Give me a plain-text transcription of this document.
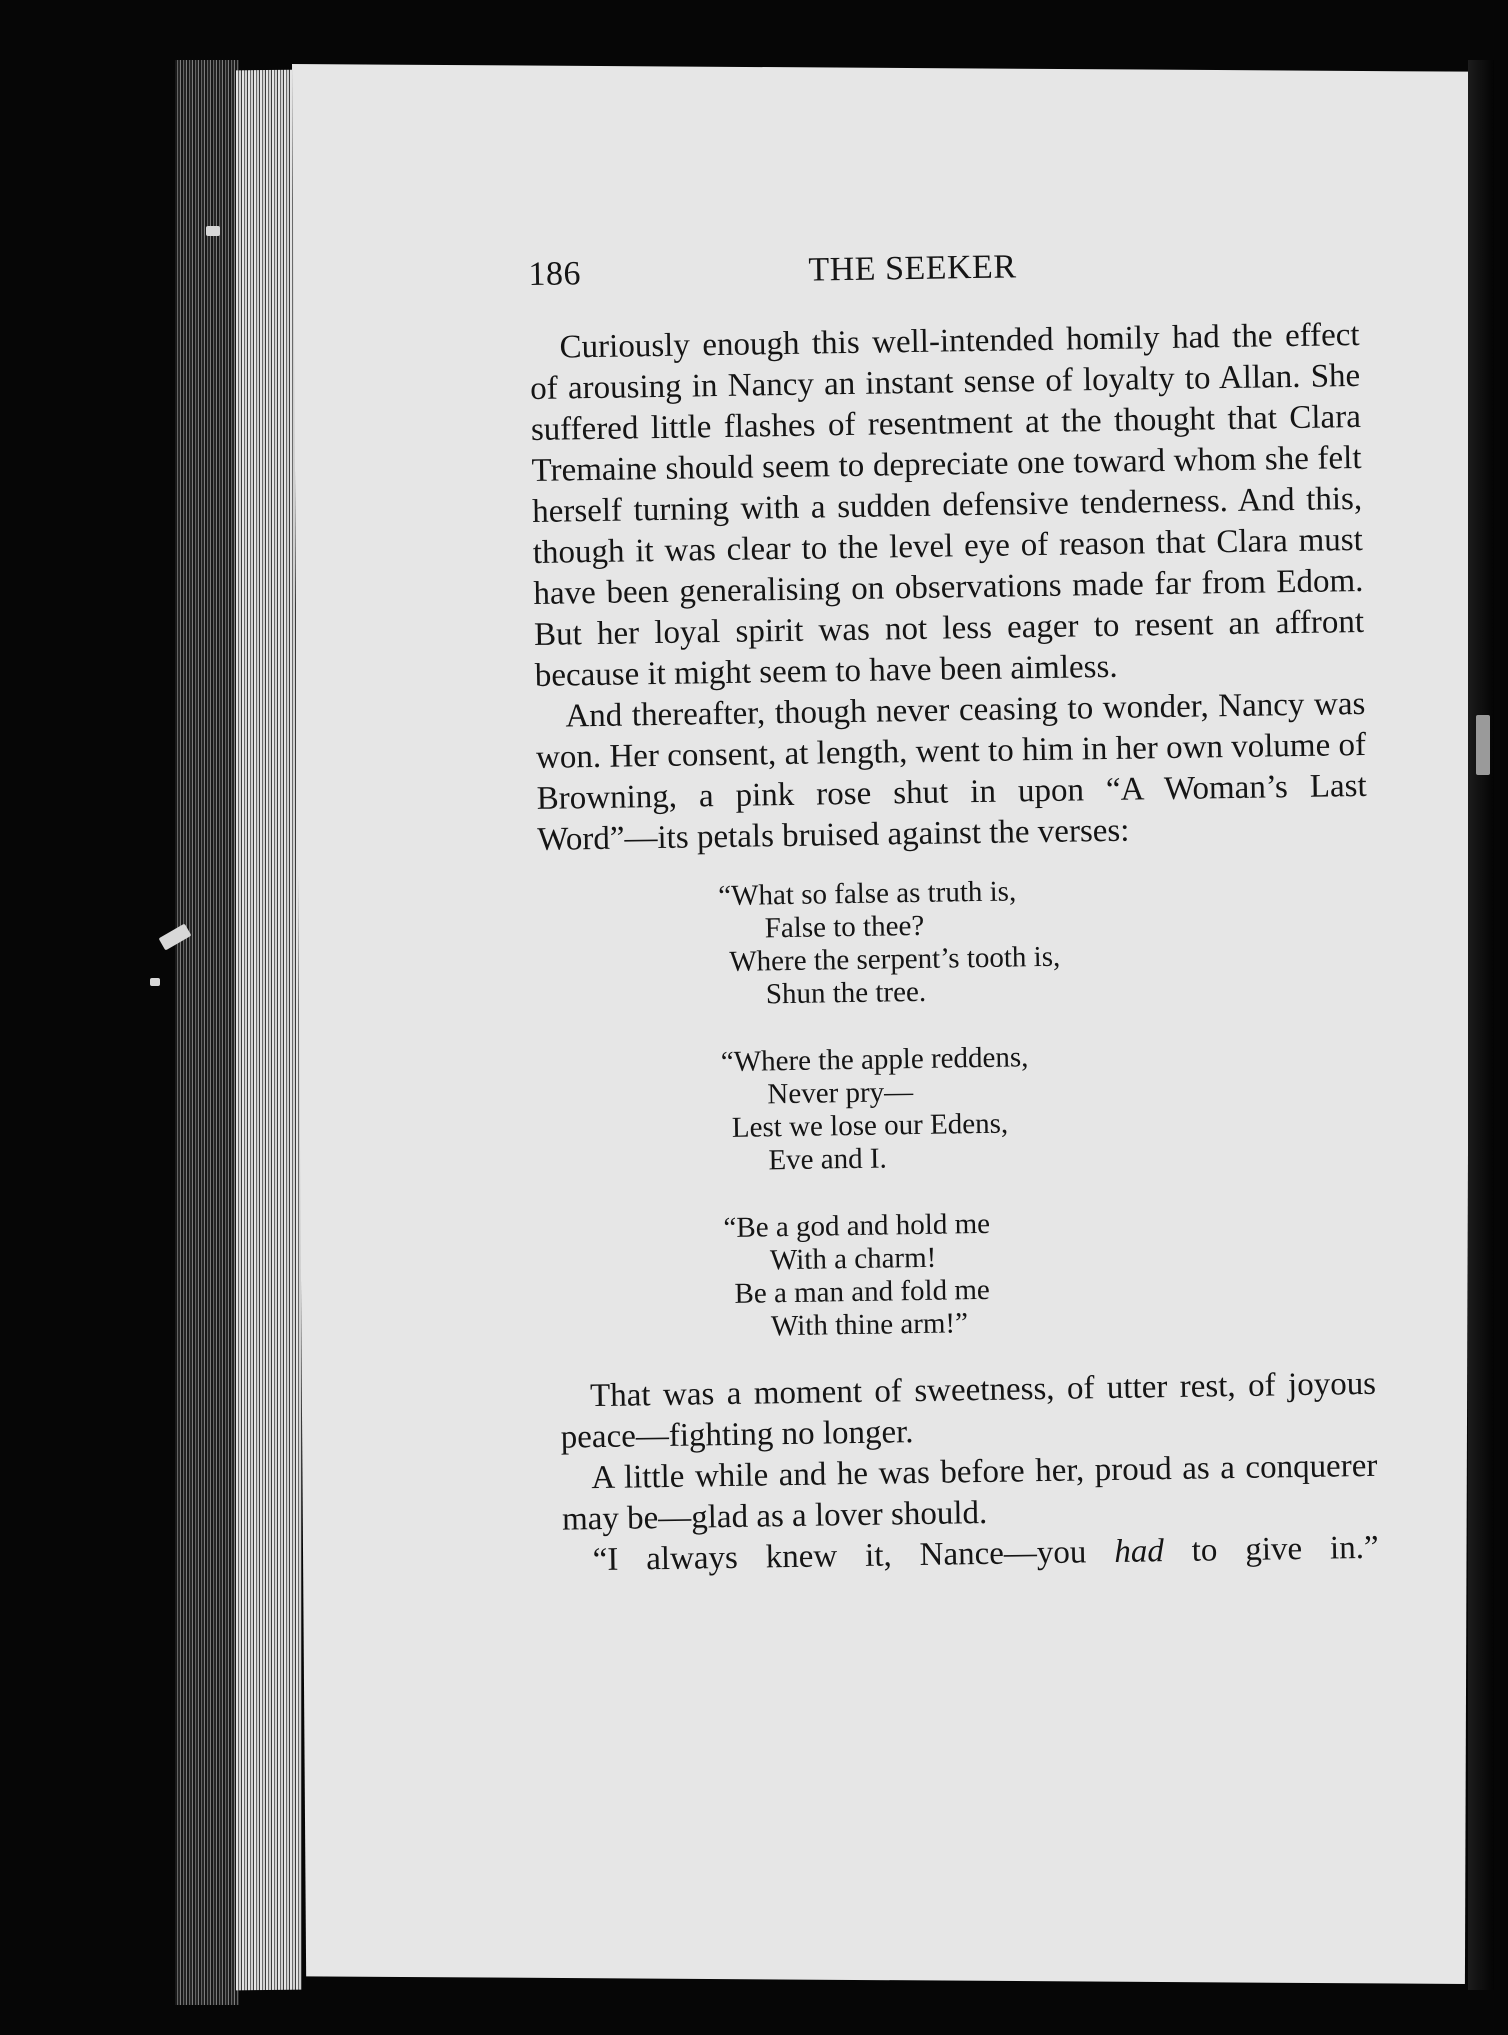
186	THE SEEKER

Curiously enough this well-intended homily had the effect of arousing in Nancy an instant sense of loyalty to Allan. She suffered little flashes of resentment at the thought that Clara Tremaine should seem to depreciate one toward whom she felt herself turning with a sudden defensive tenderness. And this, though it was clear to the level eye of reason that Clara must have been generalising on observations made far from Edom. But her loyal spirit was not less eager to resent an affront because it might seem to have been aimless.

And thereafter, though never ceasing to wonder, Nancy was won. Her consent, at length, went to him in her own volume of Browning, a pink rose shut in upon “A Woman’s Last Word”—its petals bruised against the verses:

“What so false as truth is,
False to thee?
Where the serpent’s tooth is,
Shun the tree.
“Where the apple reddens,
Never pry—
Lest we lose our Edens,
Eve and I.
“Be a god and hold me
With a charm!
Be a man and fold me
With thine arm!”

That was a moment of sweetness, of utter rest, of joyous peace—fighting no longer.

A little while and he was before her, proud as a conquerer may be—glad as a lover should.

“I always knew it, Nance—you had to give in.”
